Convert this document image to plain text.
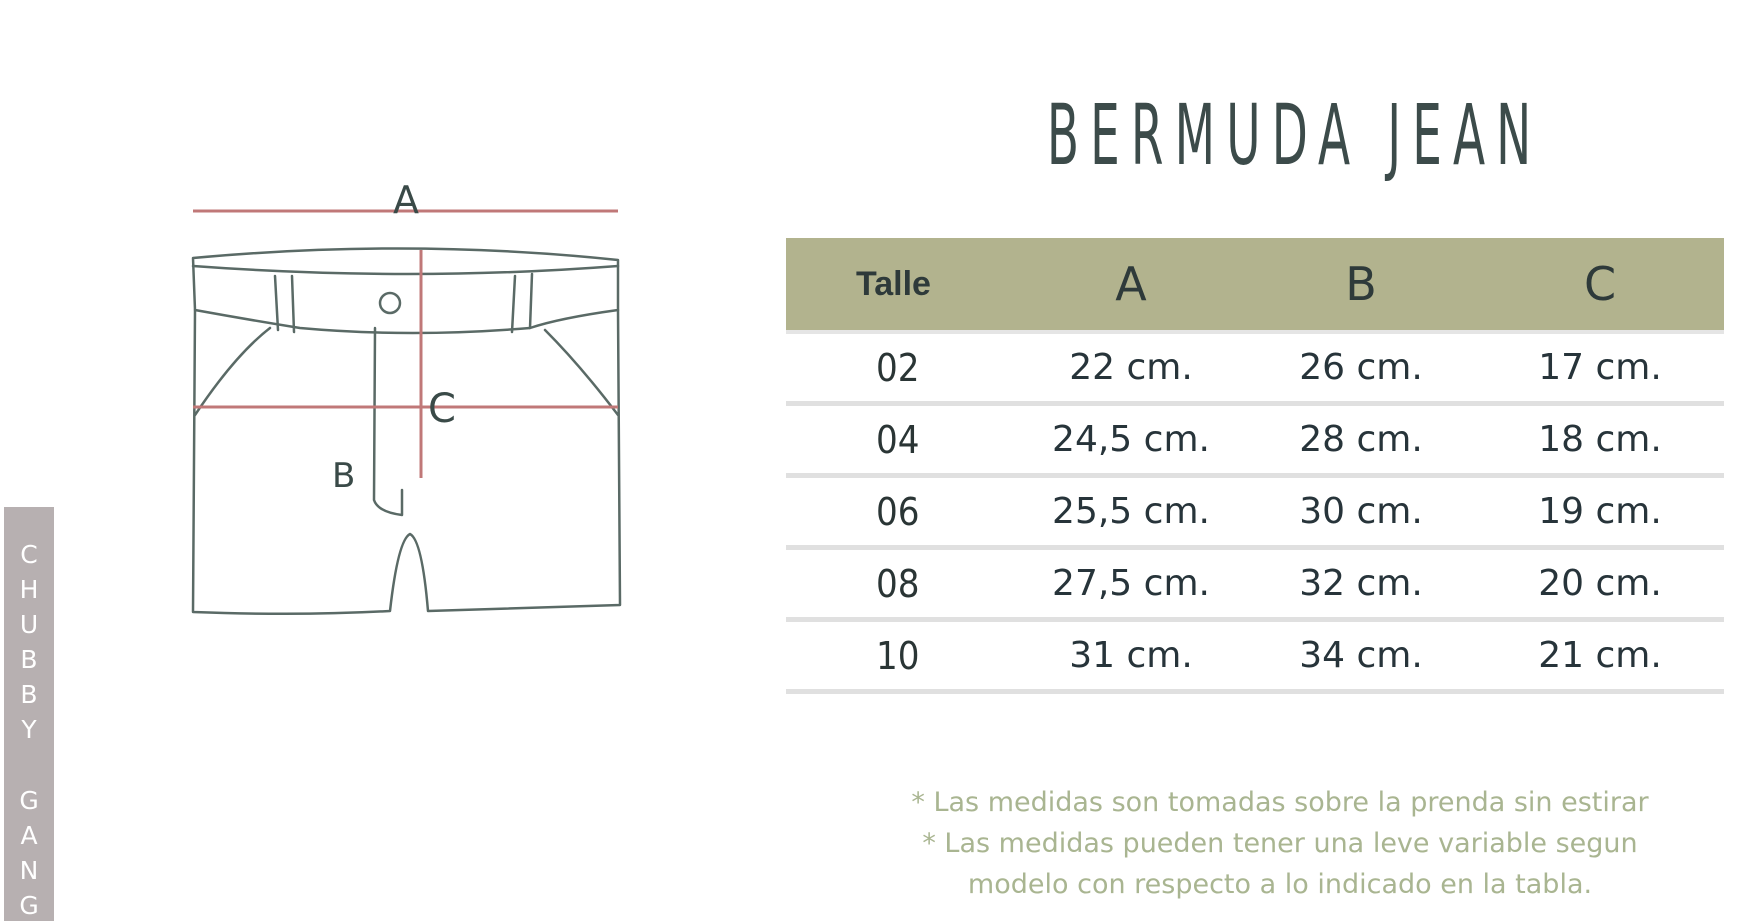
C
H
U
B
B
Y
G
A
N
G
A
C
B
BERMUDA JEAN
Talle	A	B	C
02	22 cm.	26 cm.	17 cm.
04	24,5 cm.	28 cm.	18 cm.
06	25,5 cm.	30 cm.	19 cm.
08	27,5 cm.	32 cm.	20 cm.
10	31 cm.	34 cm.	21 cm.
* Las medidas son tomadas sobre la prenda sin estirar
* Las medidas pueden tener una leve variable segun
modelo con respecto a lo indicado en la tabla.
